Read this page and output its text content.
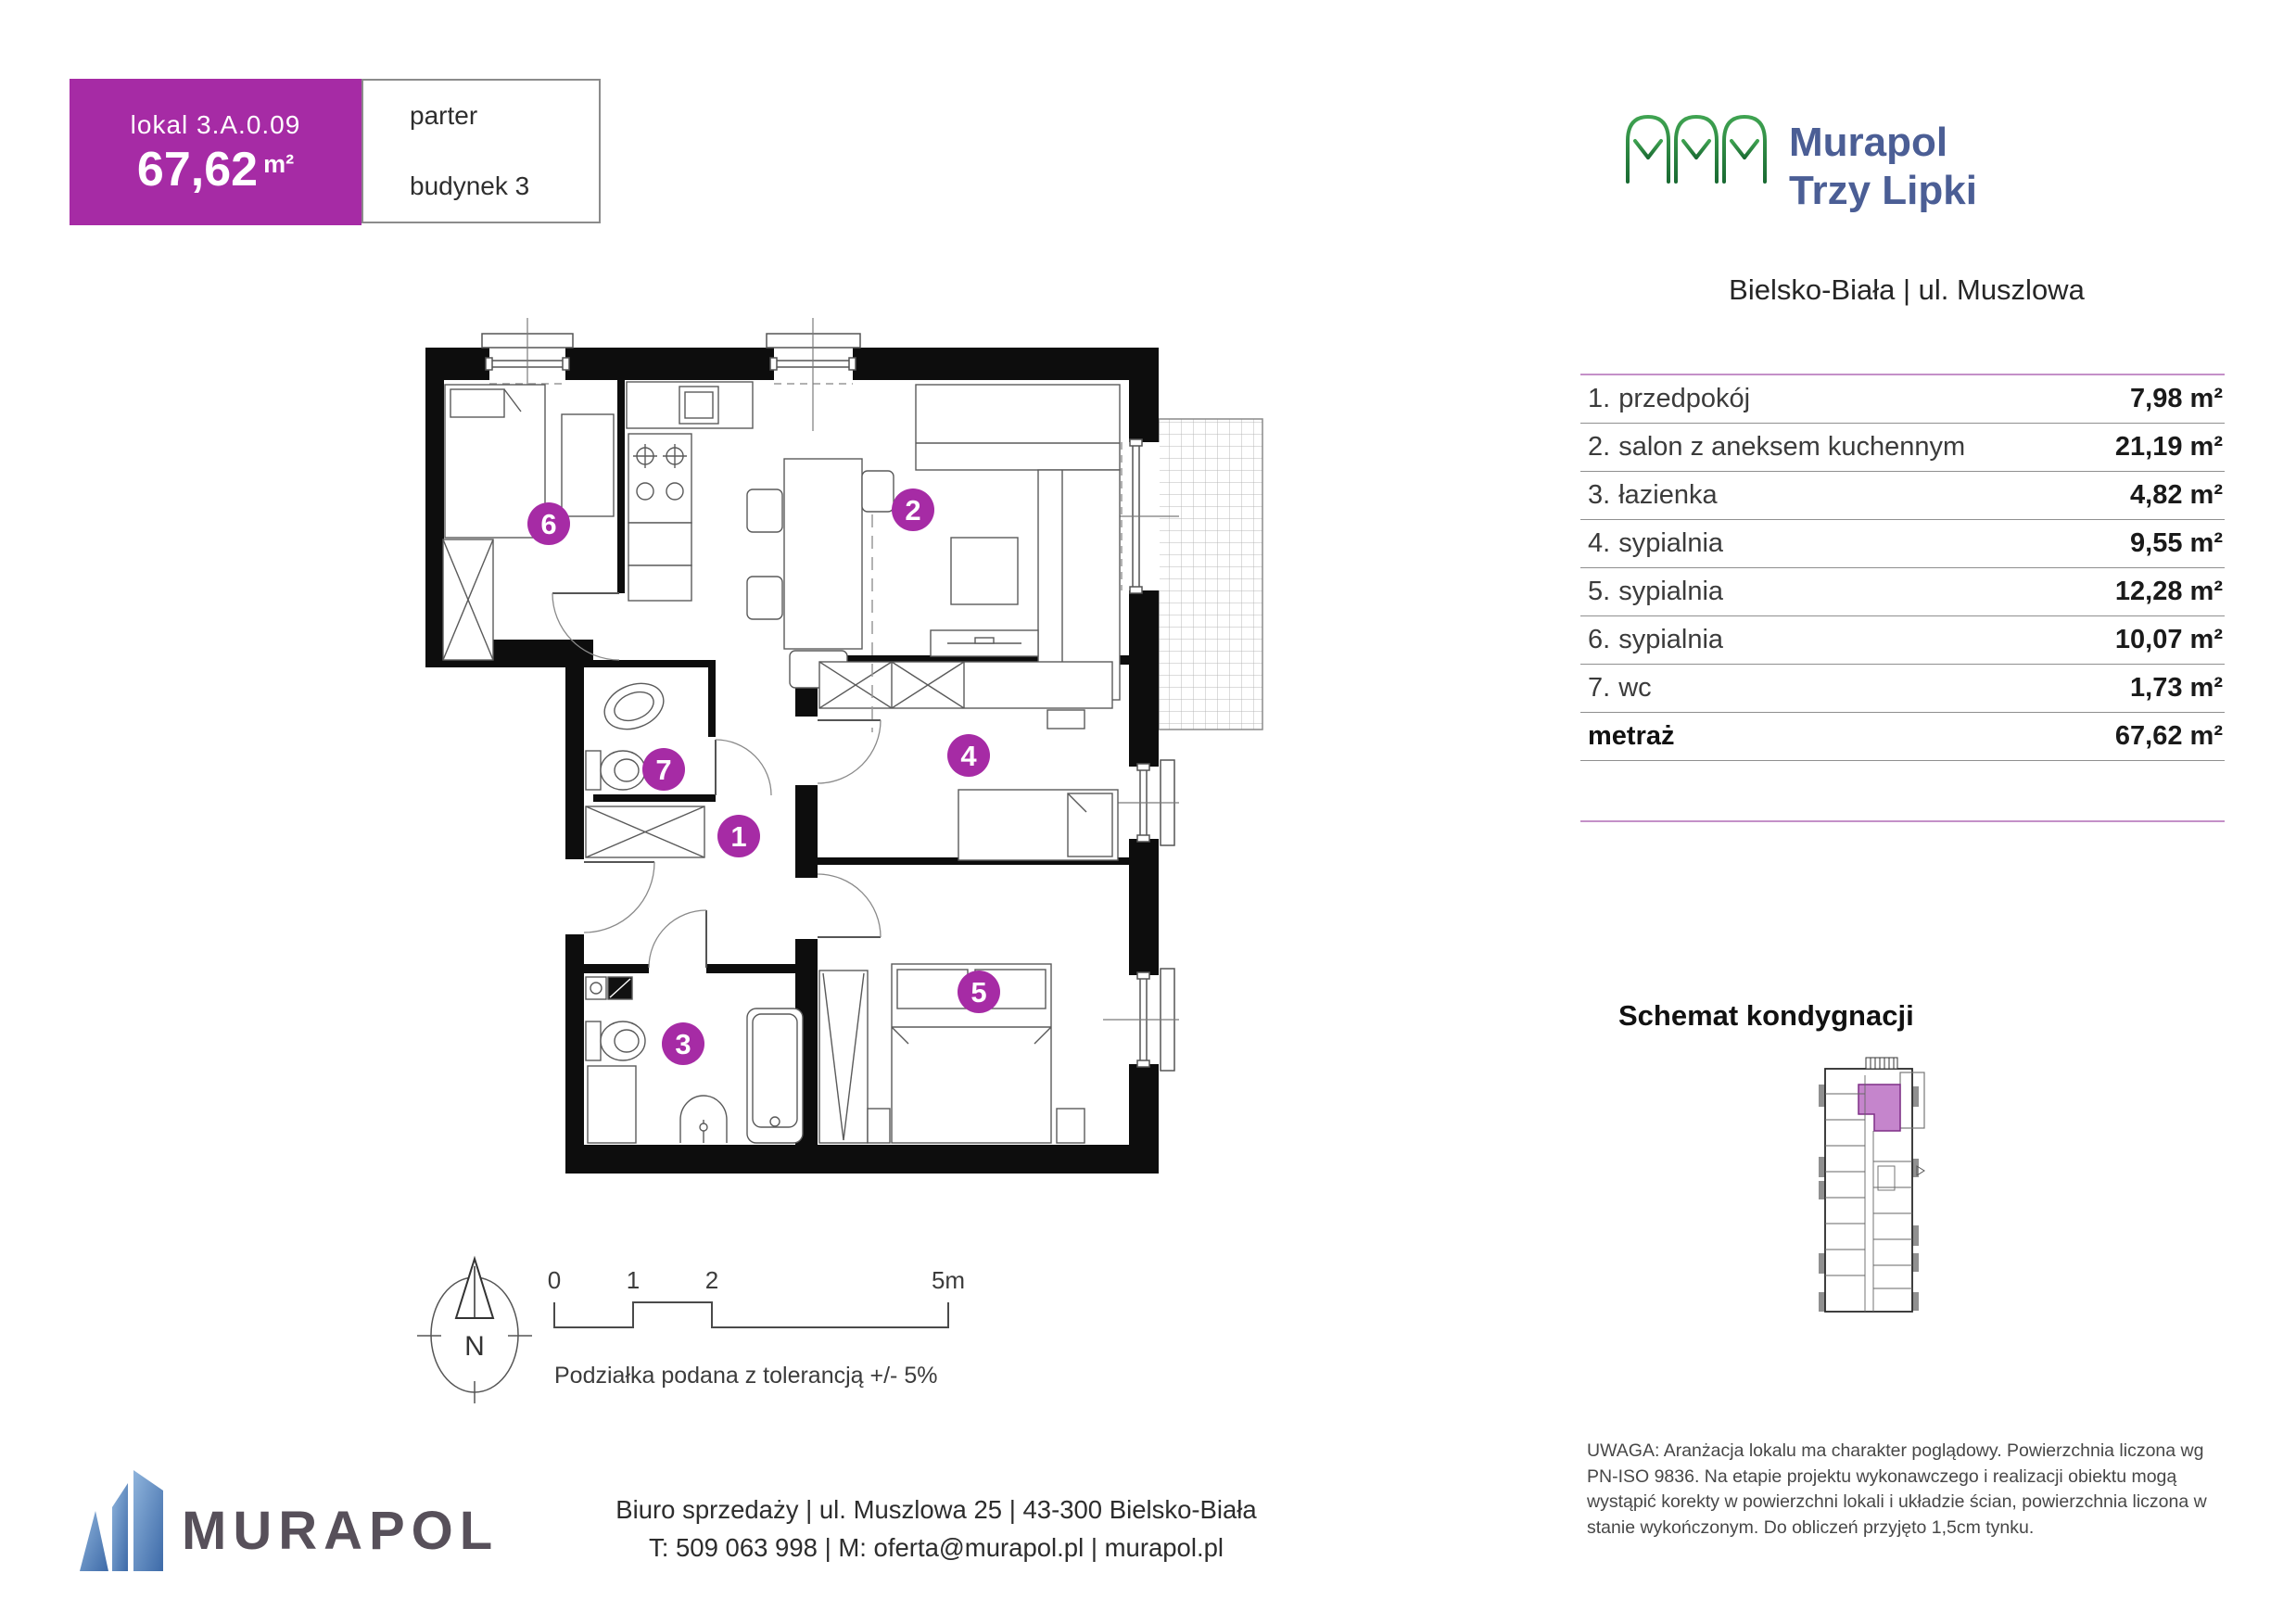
lokal 3.A.0.09
67,62 $^{m^2}$
parter
budynek 3
Murapol
Trzy Lipki
Bielsko-Biała | ul. Muszlowa
1. przedpokój	7,98 m²
2. salon z aneksem kuchennym	21,19 m²
3. łazienka	4,82 m²
4. sypialnia	9,55 m²
5. sypialnia	12,28 m²
6. sypialnia	10,07 m²
7. wc	1,73 m²
metraż	67,62 m²
1
2
3
4
5
6
7
N
0	1	2	5m
Podziałka podana z tolerancją +/- 5%
Schemat kondygnacji
MURAPOL	Biuro sprzedaży | ul. Muszlowa 25 | 43-300 Bielsko-Biała
T: 509 063 998 | M: oferta@murapol.pl | murapol.pl
UWAGA: Aranżacja lokalu ma charakter poglądowy. Powierzchnia liczona wg PN-ISO 9836. Na etapie projektu wykonawczego i realizacji obiektu mogą wystąpić korekty w powierzchni lokali i układzie ścian, powierzchnia liczona w stanie wykończonym. Do obliczeń przyjęto 1,5cm tynku.
